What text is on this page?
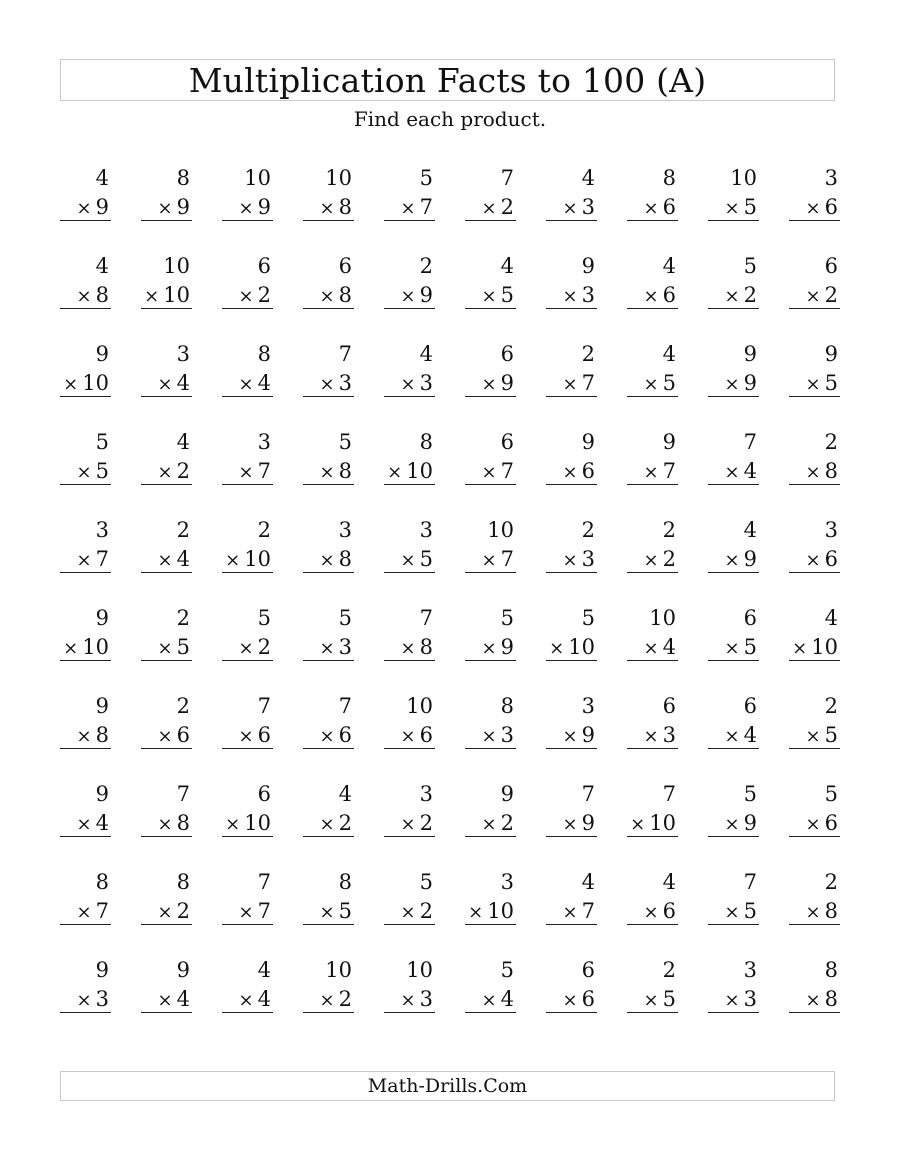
Multiplication Facts to 100 (A)
Find each product.
4
× 9
8
× 9
10
× 9
10
× 8
5
× 7
7
× 2
4
× 3
8
× 6
10
× 5
3
× 6
4
× 8
10
× 10
6
× 2
6
× 8
2
× 9
4
× 5
9
× 3
4
× 6
5
× 2
6
× 2
9
× 10
3
× 4
8
× 4
7
× 3
4
× 3
6
× 9
2
× 7
4
× 5
9
× 9
9
× 5
5
× 5
4
× 2
3
× 7
5
× 8
8
× 10
6
× 7
9
× 6
9
× 7
7
× 4
2
× 8
3
× 7
2
× 4
2
× 10
3
× 8
3
× 5
10
× 7
2
× 3
2
× 2
4
× 9
3
× 6
9
× 10
2
× 5
5
× 2
5
× 3
7
× 8
5
× 9
5
× 10
10
× 4
6
× 5
4
× 10
9
× 8
2
× 6
7
× 6
7
× 6
10
× 6
8
× 3
3
× 9
6
× 3
6
× 4
2
× 5
9
× 4
7
× 8
6
× 10
4
× 2
3
× 2
9
× 2
7
× 9
7
× 10
5
× 9
5
× 6
8
× 7
8
× 2
7
× 7
8
× 5
5
× 2
3
× 10
4
× 7
4
× 6
7
× 5
2
× 8
9
× 3
9
× 4
4
× 4
10
× 2
10
× 3
5
× 4
6
× 6
2
× 5
3
× 3
8
× 8
Math-Drills.Com
